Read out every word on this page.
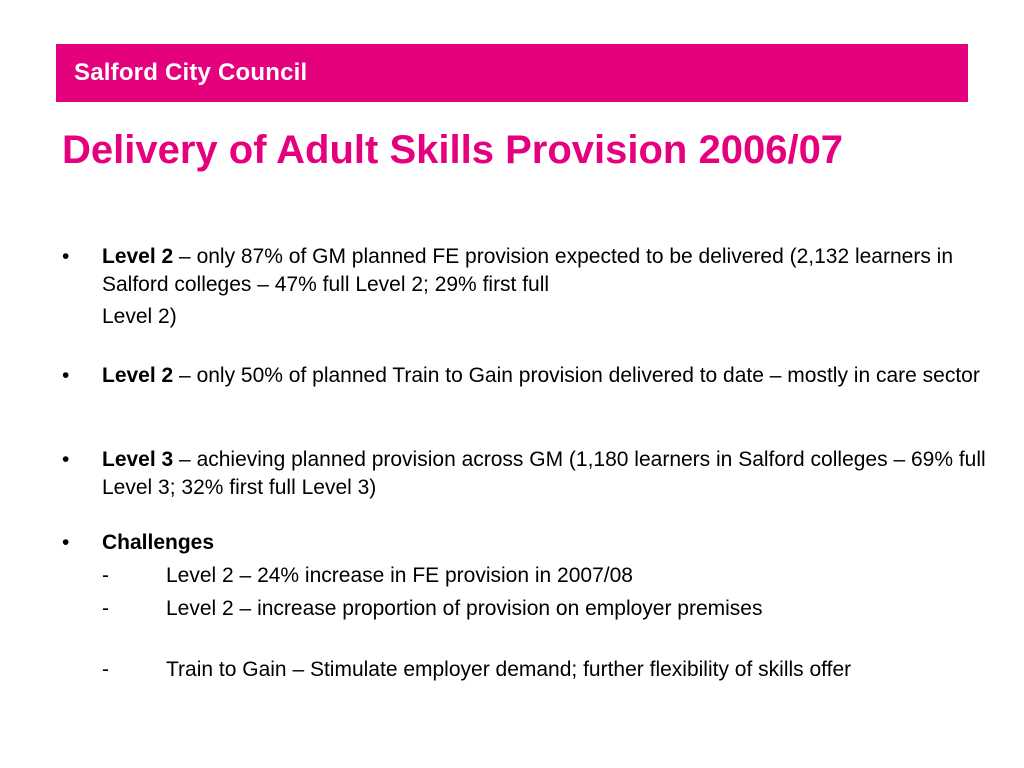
Salford City Council
Delivery of Adult Skills Provision 2006/07
• Level 2 – only 87% of GM planned FE provision expected to be delivered (2,132 learners in Salford colleges – 47% full Level 2; 29% first full
Level 2)
• Level 2 – only 50% of planned Train to Gain provision delivered to date – mostly in care sector
• Level 3 – achieving planned provision across GM (1,180 learners in Salford colleges – 69% full Level 3; 32% first full Level 3)
• Challenges
-	Level 2 – 24% increase in FE provision in 2007/08
-	Level 2 – increase proportion of provision on employer premises
-	Train to Gain – Stimulate employer demand; further flexibility of skills offer
